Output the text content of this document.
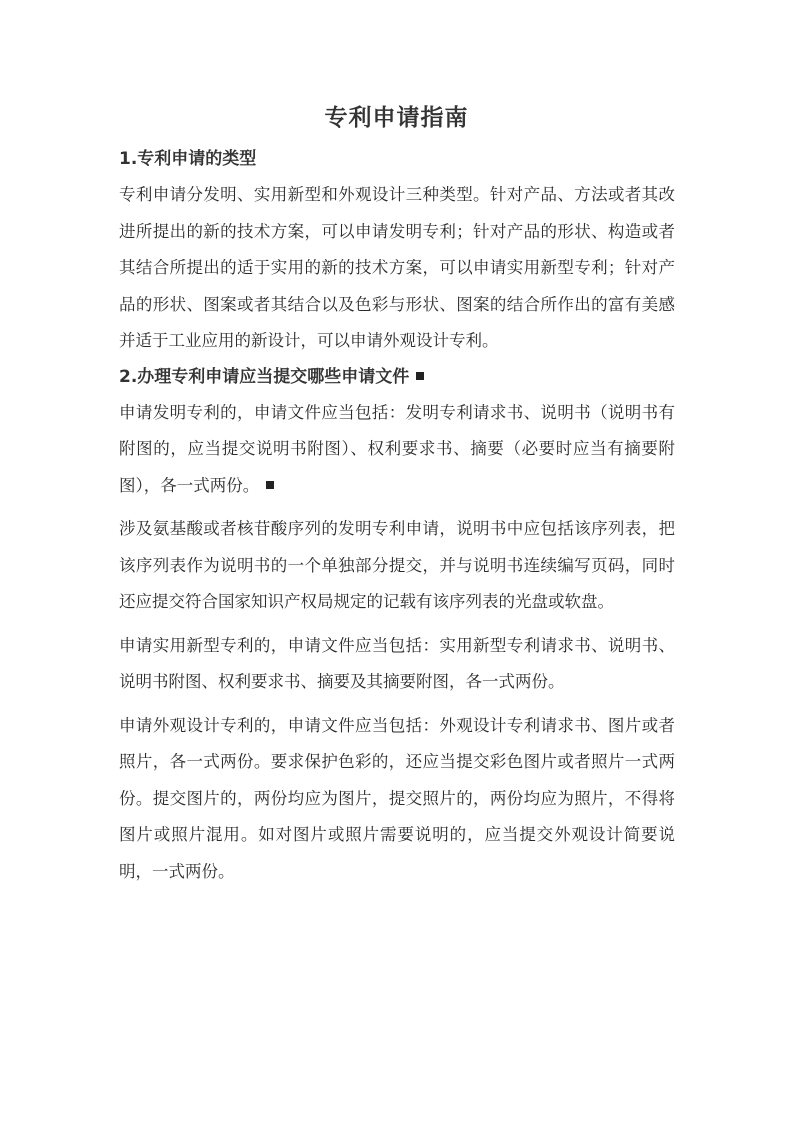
专利申请指南
1.专利申请的类型

专利申请分发明、实用新型和外观设计三种类型。针对产品、方法或者其改进所提出的新的技术方案，可以申请发明专利；针对产品的形状、构造或者其结合所提出的适于实用的新的技术方案，可以申请实用新型专利；针对产品的形状、图案或者其结合以及色彩与形状、图案的结合所作出的富有美感并适于工业应用的新设计，可以申请外观设计专利。

2.办理专利申请应当提交哪些申请文件

申请发明专利的，申请文件应当包括：发明专利请求书、说明书（说明书有附图的，应当提交说明书附图）、权利要求书、摘要（必要时应当有摘要附图），各一式两份。

涉及氨基酸或者核苷酸序列的发明专利申请，说明书中应包括该序列表，把该序列表作为说明书的一个单独部分提交，并与说明书连续编写页码，同时还应提交符合国家知识产权局规定的记载有该序列表的光盘或软盘。

申请实用新型专利的，申请文件应当包括：实用新型专利请求书、说明书、说明书附图、权利要求书、摘要及其摘要附图，各一式两份。

申请外观设计专利的，申请文件应当包括：外观设计专利请求书、图片或者照片，各一式两份。要求保护色彩的，还应当提交彩色图片或者照片一式两份。提交图片的，两份均应为图片，提交照片的，两份均应为照片，不得将图片或照片混用。如对图片或照片需要说明的，应当提交外观设计简要说明，一式两份。
